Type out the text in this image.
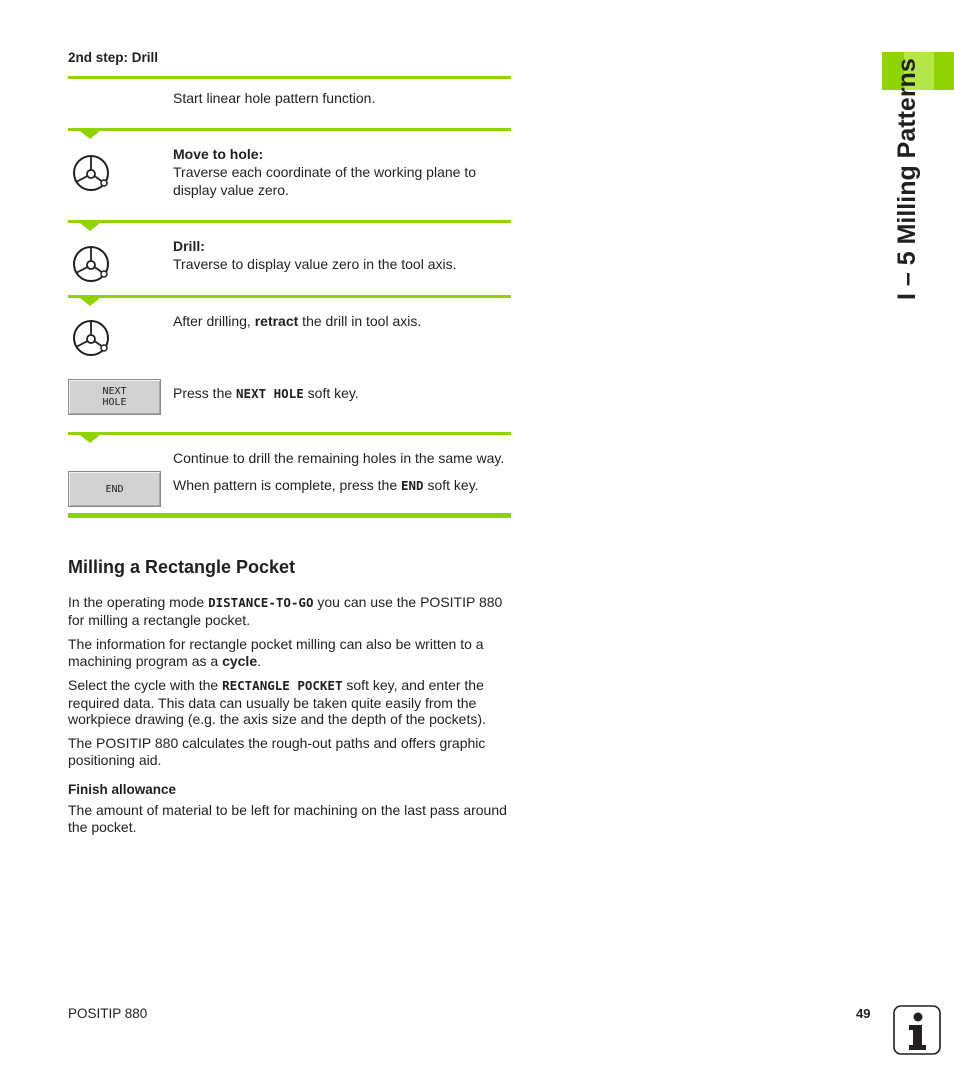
I – 5 Milling Patterns
2nd step: Drill
Start linear hole pattern function.
Move to hole:
Traverse each coordinate of the working plane to display value zero.
Drill:
Traverse to display value zero in the tool axis.
After drilling, retract the drill in tool axis.
NEXT
HOLE
Press the NEXT HOLE soft key.
Continue to drill the remaining holes in the same way.
END	When pattern is complete, press the END soft key.
Milling a Rectangle Pocket
In the operating mode DISTANCE-TO-GO you can use the POSITIP 880 for milling a rectangle pocket.
The information for rectangle pocket milling can also be written to a machining program as a cycle.
Select the cycle with the RECTANGLE POCKET soft key, and enter the required data. This data can usually be taken quite easily from the workpiece drawing (e.g. the axis size and the depth of the pockets).
The POSITIP 880 calculates the rough-out paths and offers graphic positioning aid.
Finish allowance
The amount of material to be left for machining on the last pass around the pocket.
POSITIP 880	49
